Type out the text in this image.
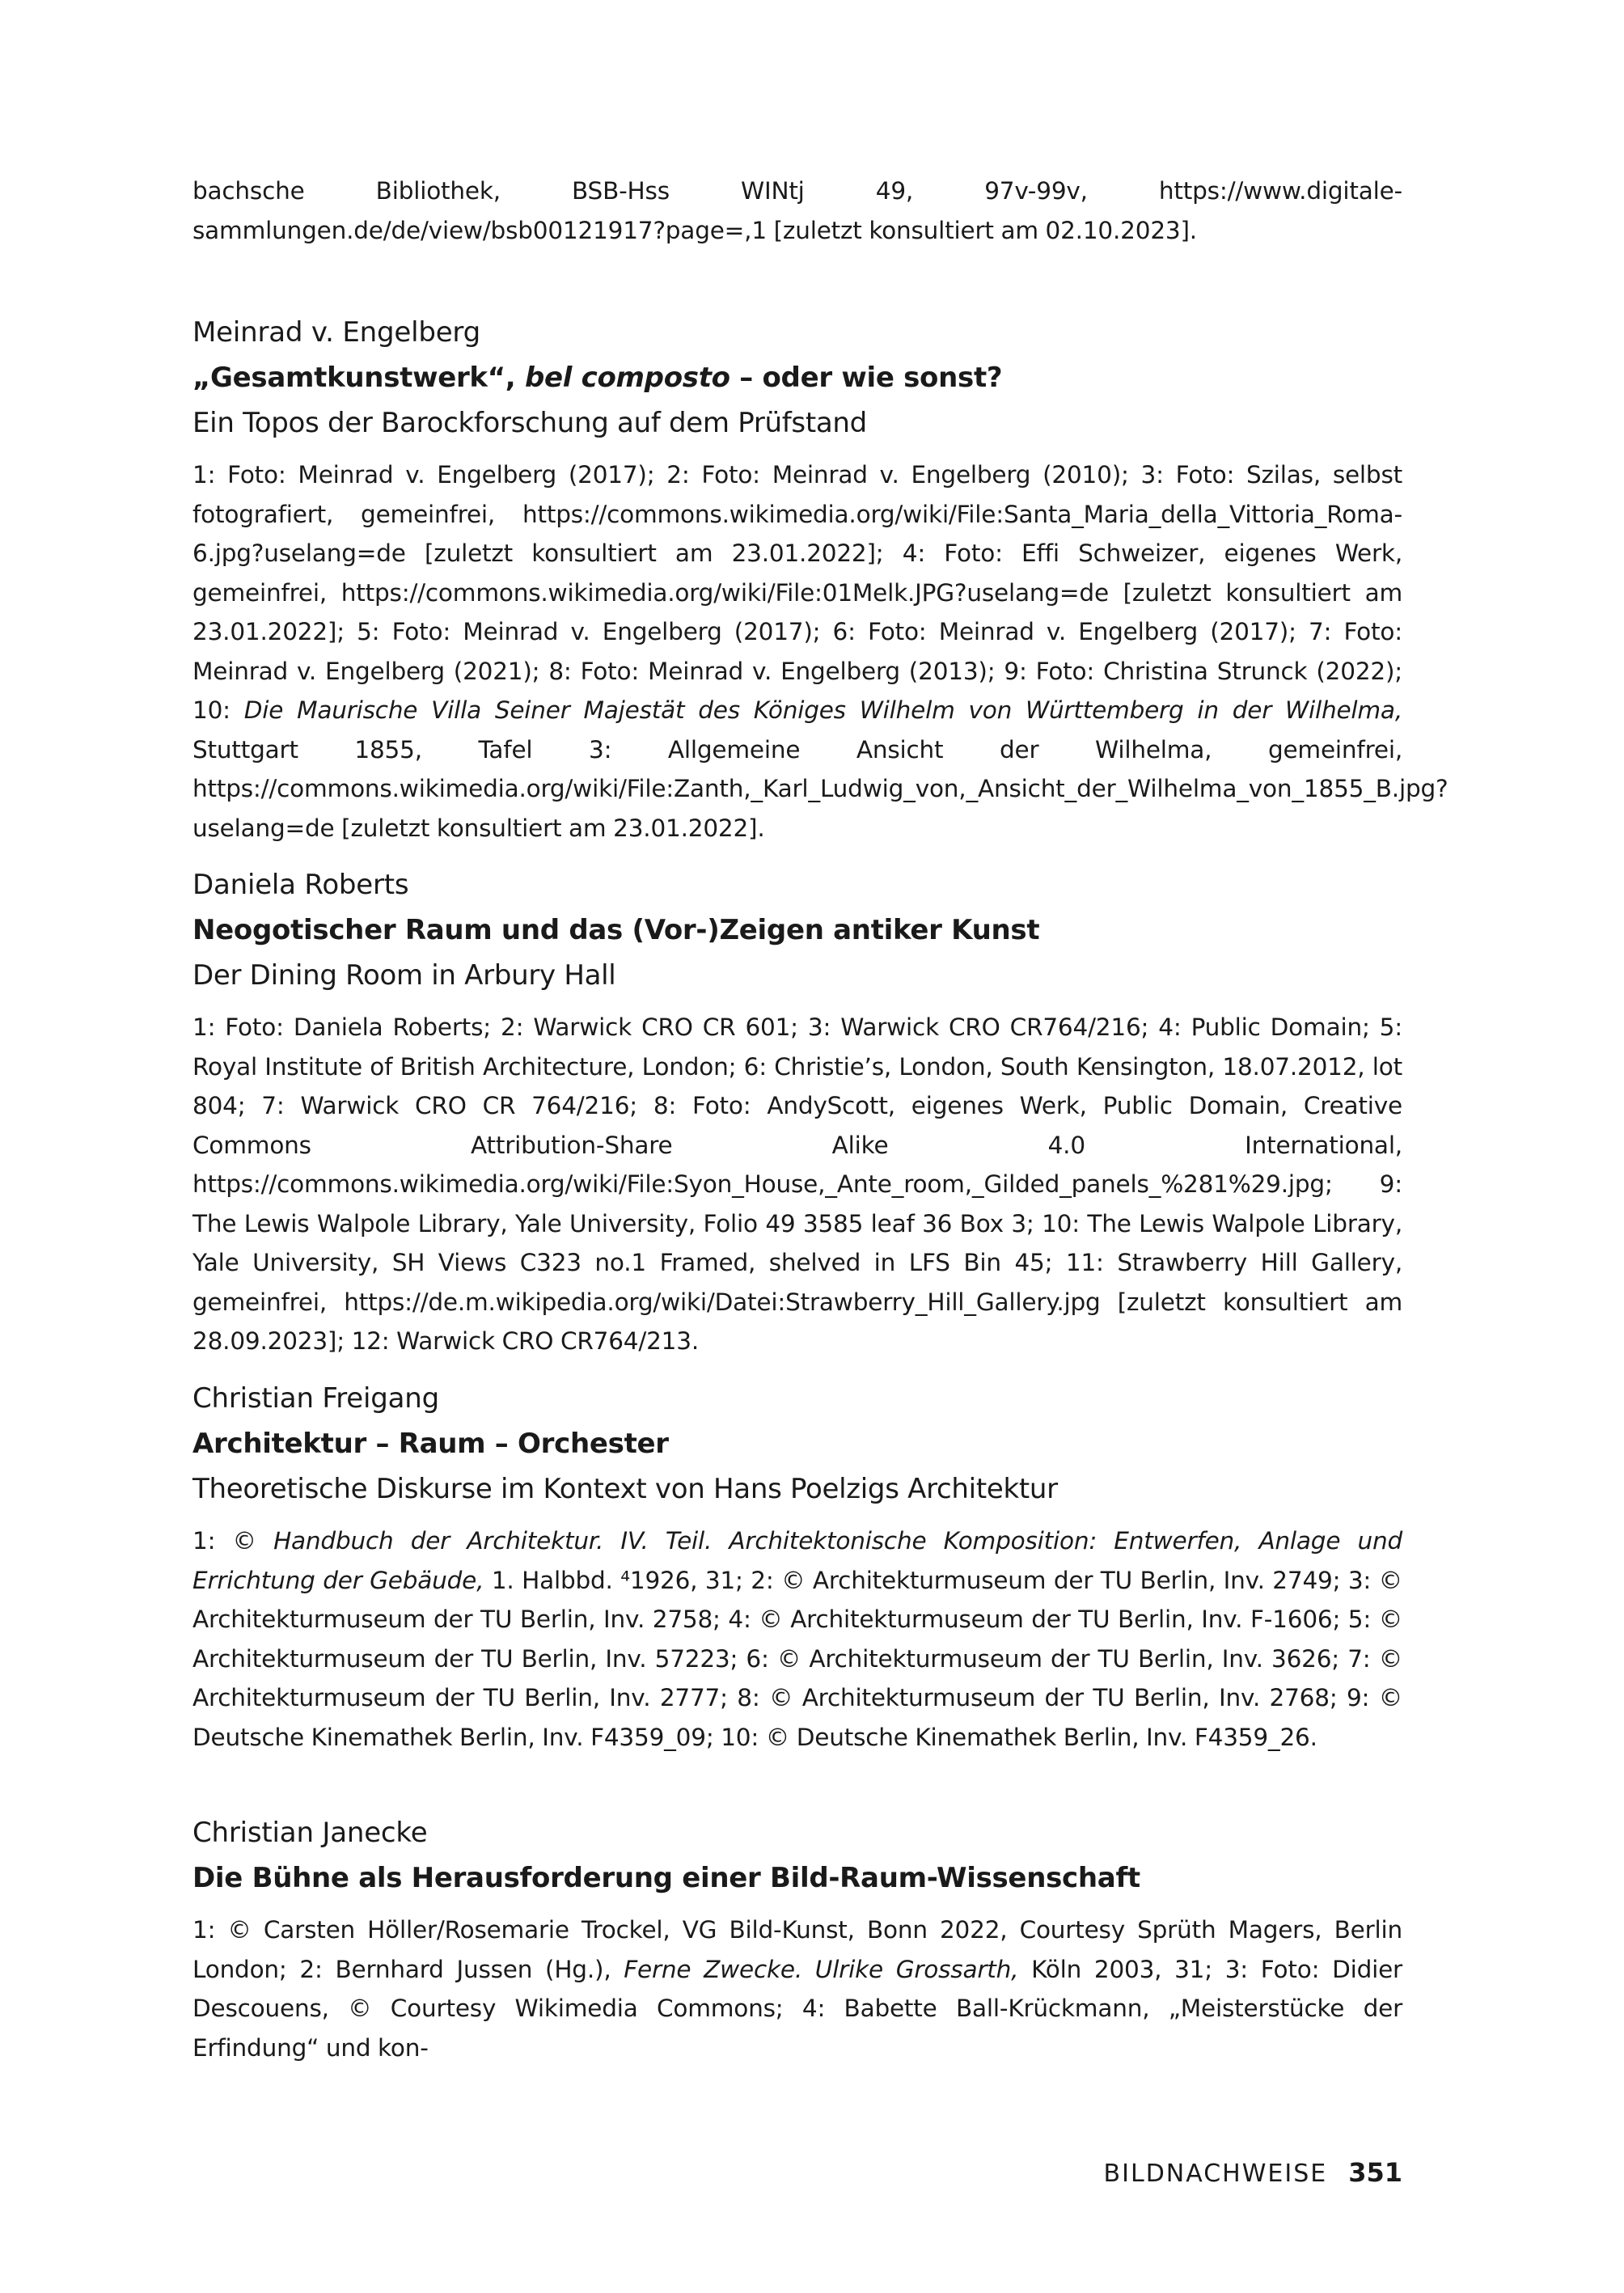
bachsche Bibliothek, BSB-Hss WINtj 49, 97v-99v, https://www.digitale-sammlungen.de/de/view/bsb00121917?page=,1 [zuletzt konsultiert am 02.10.2023].

Meinrad v. Engelberg

„Gesamtkunstwerk“, bel composto – oder wie sonst?

Ein Topos der Barockforschung auf dem Prüfstand

1: Foto: Meinrad v. Engelberg (2017); 2: Foto: Meinrad v. Engelberg (2010); 3: Foto: Szilas, selbst fotografiert, gemeinfrei, https://commons.wikimedia.org/wiki/File:Santa_Maria_della_Vittoria_Roma-6.jpg?uselang=de [zuletzt konsultiert am 23.01.2022]; 4: Foto: Effi Schweizer, eigenes Werk, gemeinfrei, https://commons.wikimedia.org/wiki/File:01Melk.JPG?uselang=de [zuletzt konsultiert am 23.01.2022]; 5: Foto: Meinrad v. Engelberg (2017); 6: Foto: Meinrad v. Engelberg (2017); 7: Foto: Meinrad v. Engelberg (2021); 8: Foto: Meinrad v. Engelberg (2013); 9: Foto: Christina Strunck (2022); 10: Die Maurische Villa Seiner Majestät des Königes Wilhelm von Württemberg in der Wilhelma, Stuttgart 1855, Tafel 3: Allgemeine Ansicht der Wilhelma, gemeinfrei, https://commons.wikimedia.org/wiki/File:Zanth,_Karl_Ludwig_von,_Ansicht_der_Wilhelma_von_1855_B.jpg?uselang=de [zuletzt konsultiert am 23.01.2022].

Daniela Roberts

Neogotischer Raum und das (Vor-)Zeigen antiker Kunst

Der Dining Room in Arbury Hall

1: Foto: Daniela Roberts; 2: Warwick CRO CR 601; 3: Warwick CRO CR764/216; 4: Public Domain; 5: Royal Institute of British Architecture, London; 6: Christie’s, London, South Kensington, 18.07.2012, lot 804; 7: Warwick CRO CR 764/216; 8: Foto: AndyScott, eigenes Werk, Public Domain, Creative Commons Attribution-Share Alike 4.0 International, https://commons.wikimedia.org/wiki/File:Syon_House,_Ante_room,_Gilded_panels_%281%29.jpg; 9: The Lewis Walpole Library, Yale University, Folio 49 3585 leaf 36 Box 3; 10: The Lewis Walpole Library, Yale University, SH Views C323 no.1 Framed, shelved in LFS Bin 45; 11: Strawberry Hill Gallery, gemeinfrei, https://de.m.wikipedia.org/wiki/Datei:Strawberry_Hill_Gallery.jpg [zuletzt konsultiert am 28.09.2023]; 12: Warwick CRO CR764/213.

Christian Freigang

Architektur – Raum – Orchester

Theoretische Diskurse im Kontext von Hans Poelzigs Architektur

1: © Handbuch der Architektur. IV. Teil. Architektonische Komposition: Entwerfen, Anlage und Errichtung der Gebäude, 1. Halbbd. ⁴1926, 31; 2: © Architekturmuseum der TU Berlin, Inv. 2749; 3: © Architekturmuseum der TU Berlin, Inv. 2758; 4: © Architekturmuseum der TU Berlin, Inv. F-1606; 5: © Architekturmuseum der TU Berlin, Inv. 57223; 6: © Architekturmuseum der TU Berlin, Inv. 3626; 7: © Architekturmuseum der TU Berlin, Inv. 2777; 8: © Architekturmuseum der TU Berlin, Inv. 2768; 9: © Deutsche Kinemathek Berlin, Inv. F4359_09; 10: © Deutsche Kinemathek Berlin, Inv. F4359_26.

Christian Janecke

Die Bühne als Herausforderung einer Bild-Raum-Wissenschaft

1: © Carsten Höller/Rosemarie Trockel, VG Bild-Kunst, Bonn 2022, Courtesy Sprüth Magers, Berlin London; 2: Bernhard Jussen (Hg.), Ferne Zwecke. Ulrike Grossarth, Köln 2003, 31; 3: Foto: Didier Descouens, © Courtesy Wikimedia Commons; 4: Babette Ball-Krückmann, „Meisterstücke der Erfindung“ und kon-

BILDNACHWEISE 351
